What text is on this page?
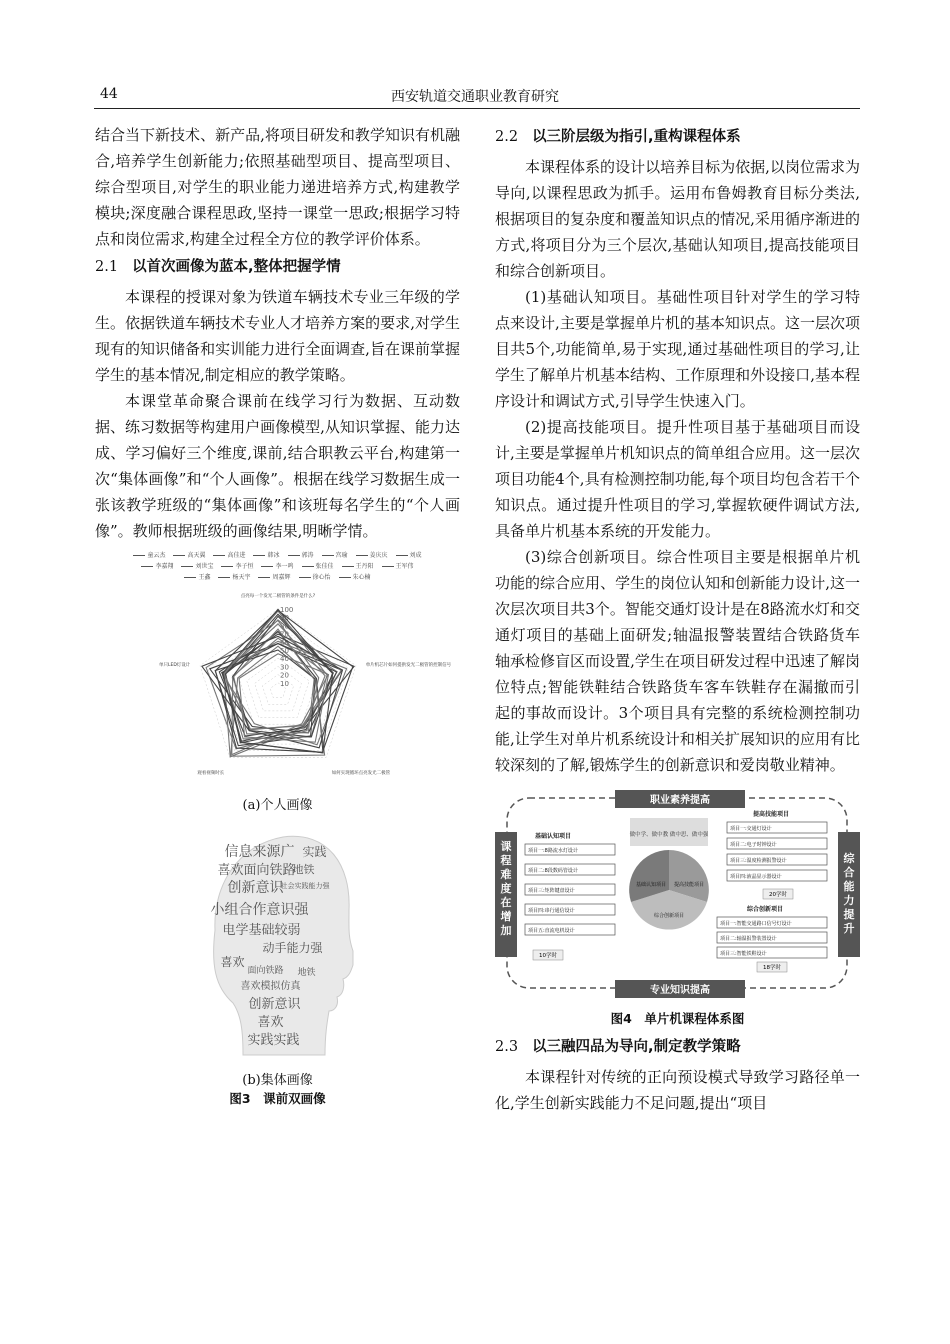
44	西安轨道交通职业教育研究

结合当下新技术、新产品,将项目研发和教学知识有机融合,培养学生创新能力;依照基础型项目、提高型项目、综合型项目,对学生的职业能力递进培养方式,构建教学模块;深度融合课程思政,坚持一课堂一思政;根据学习特点和岗位需求,构建全过程全方位的教学评价体系。

2.1 以首次画像为蓝本,整体把握学情

本课程的授课对象为铁道车辆技术专业三年级的学生。依据铁道车辆技术专业人才培养方案的要求,对学生现有的知识储备和实训能力进行全面调查,旨在课前掌握学生的基本情况,制定相应的教学策略。

本课堂革命聚合课前在线学习行为数据、互动数据、练习数据等构建用户画像模型,从知识掌握、能力达成、学习偏好三个维度,课前,结合职教云平台,构建第一次“集体画像”和“个人画像”。根据在线学习数据生成一张该教学班级的“集体画像”和该班每名学生的“个人画像”。教师根据班级的画像结果,明晰学情。

童云杰	高天翼	高佳进	韩冰	郭涛	宫瑜	姜庆庆	刘成
李嘉翔	刘世宝	李子恒	李一鸣	张佳佳	王丹阳	王军伟
王鑫	杨天宇	周嘉辉	徐心怡	朱心楠
100
90
80
70
60
50
40
30
20
10
点亮每一个发光二极管的条件是什么?
单片机芯片如何提供发光二极管的控制信号
如何实现循环点亮发光二极管
观看视频时长
单只LED灯设计
(a)个人画像
信息来源广 实践
喜欢面向铁路
地铁
创新意识
社会实践能力强
小组合作意识强
电学基础较弱
动手能力强
喜欢
面向铁路 地铁
喜欢模拟仿真
创新意识
喜欢
实践实践
(b)集体画像
图3　课前双画像
2.2 以三阶层级为指引,重构课程体系

本课程体系的设计以培养目标为依据,以岗位需求为导向,以课程思政为抓手。运用布鲁姆教育目标分类法,根据项目的复杂度和覆盖知识点的情况,采用循序渐进的方式,将项目分为三个层次,基础认知项目,提高技能项目和综合创新项目。

(1)基础认知项目。基础性项目针对学生的学习特点来设计,主要是掌握单片机的基本知识点。这一层次项目共5个,功能简单,易于实现,通过基础性项目的学习,让学生了解单片机基本结构、工作原理和外设接口,基本程序设计和调试方式,引导学生快速入门。

(2)提高技能项目。提升性项目基于基础项目而设计,主要是掌握单片机知识点的简单组合应用。这一层次项目功能4个,具有检测控制功能,每个项目均包含若干个知识点。通过提升性项目的学习,掌握软硬件调试方法,具备单片机基本系统的开发能力。

(3)综合创新项目。综合性项目主要是根据单片机功能的综合应用、学生的岗位认知和创新能力设计,这一次层次项目共3个。智能交通灯设计是在8路流水灯和交通灯项目的基础上面研发;轴温报警装置结合铁路货车轴承检修盲区而设置,学生在项目研发过程中迅速了解岗位特点;智能铁鞋结合铁路货车客车铁鞋存在漏撤而引起的事故而设计。3个项目具有完整的系统检测控制功能,让学生对单片机系统设计和相关扩展知识的应用有比较深刻的了解,锻炼学生的创新意识和爱岗敬业精神。

职业素养提高
专业知识提高
课程难度在增加
综合能力提升
做中学、做中教 做中思、做中强
基础认知项目
项目一:8路流水灯设计
项目二:8段数码管设计
项目三:矩阵键盘设计
项目四:串行通信设计
项目五:直流电机设计
10学时
提高技能项目
项目一:交通灯设计
项目二:电子时钟设计
项目三:温度检测报警设计
项目四:液晶显示器设计
20学时
综合创新项目
项目一:智能交通路口信号灯设计
项目二:轴温报警装置设计
项目三:智能铁鞋设计
18学时
基础认知项目 提高技能项目
综合创新项目
图4　单片机课程体系图
2.3 以三融四品为导向,制定教学策略

本课程针对传统的正向预设模式导致学习路径单一化,学生创新实践能力不足问题,提出“项目
